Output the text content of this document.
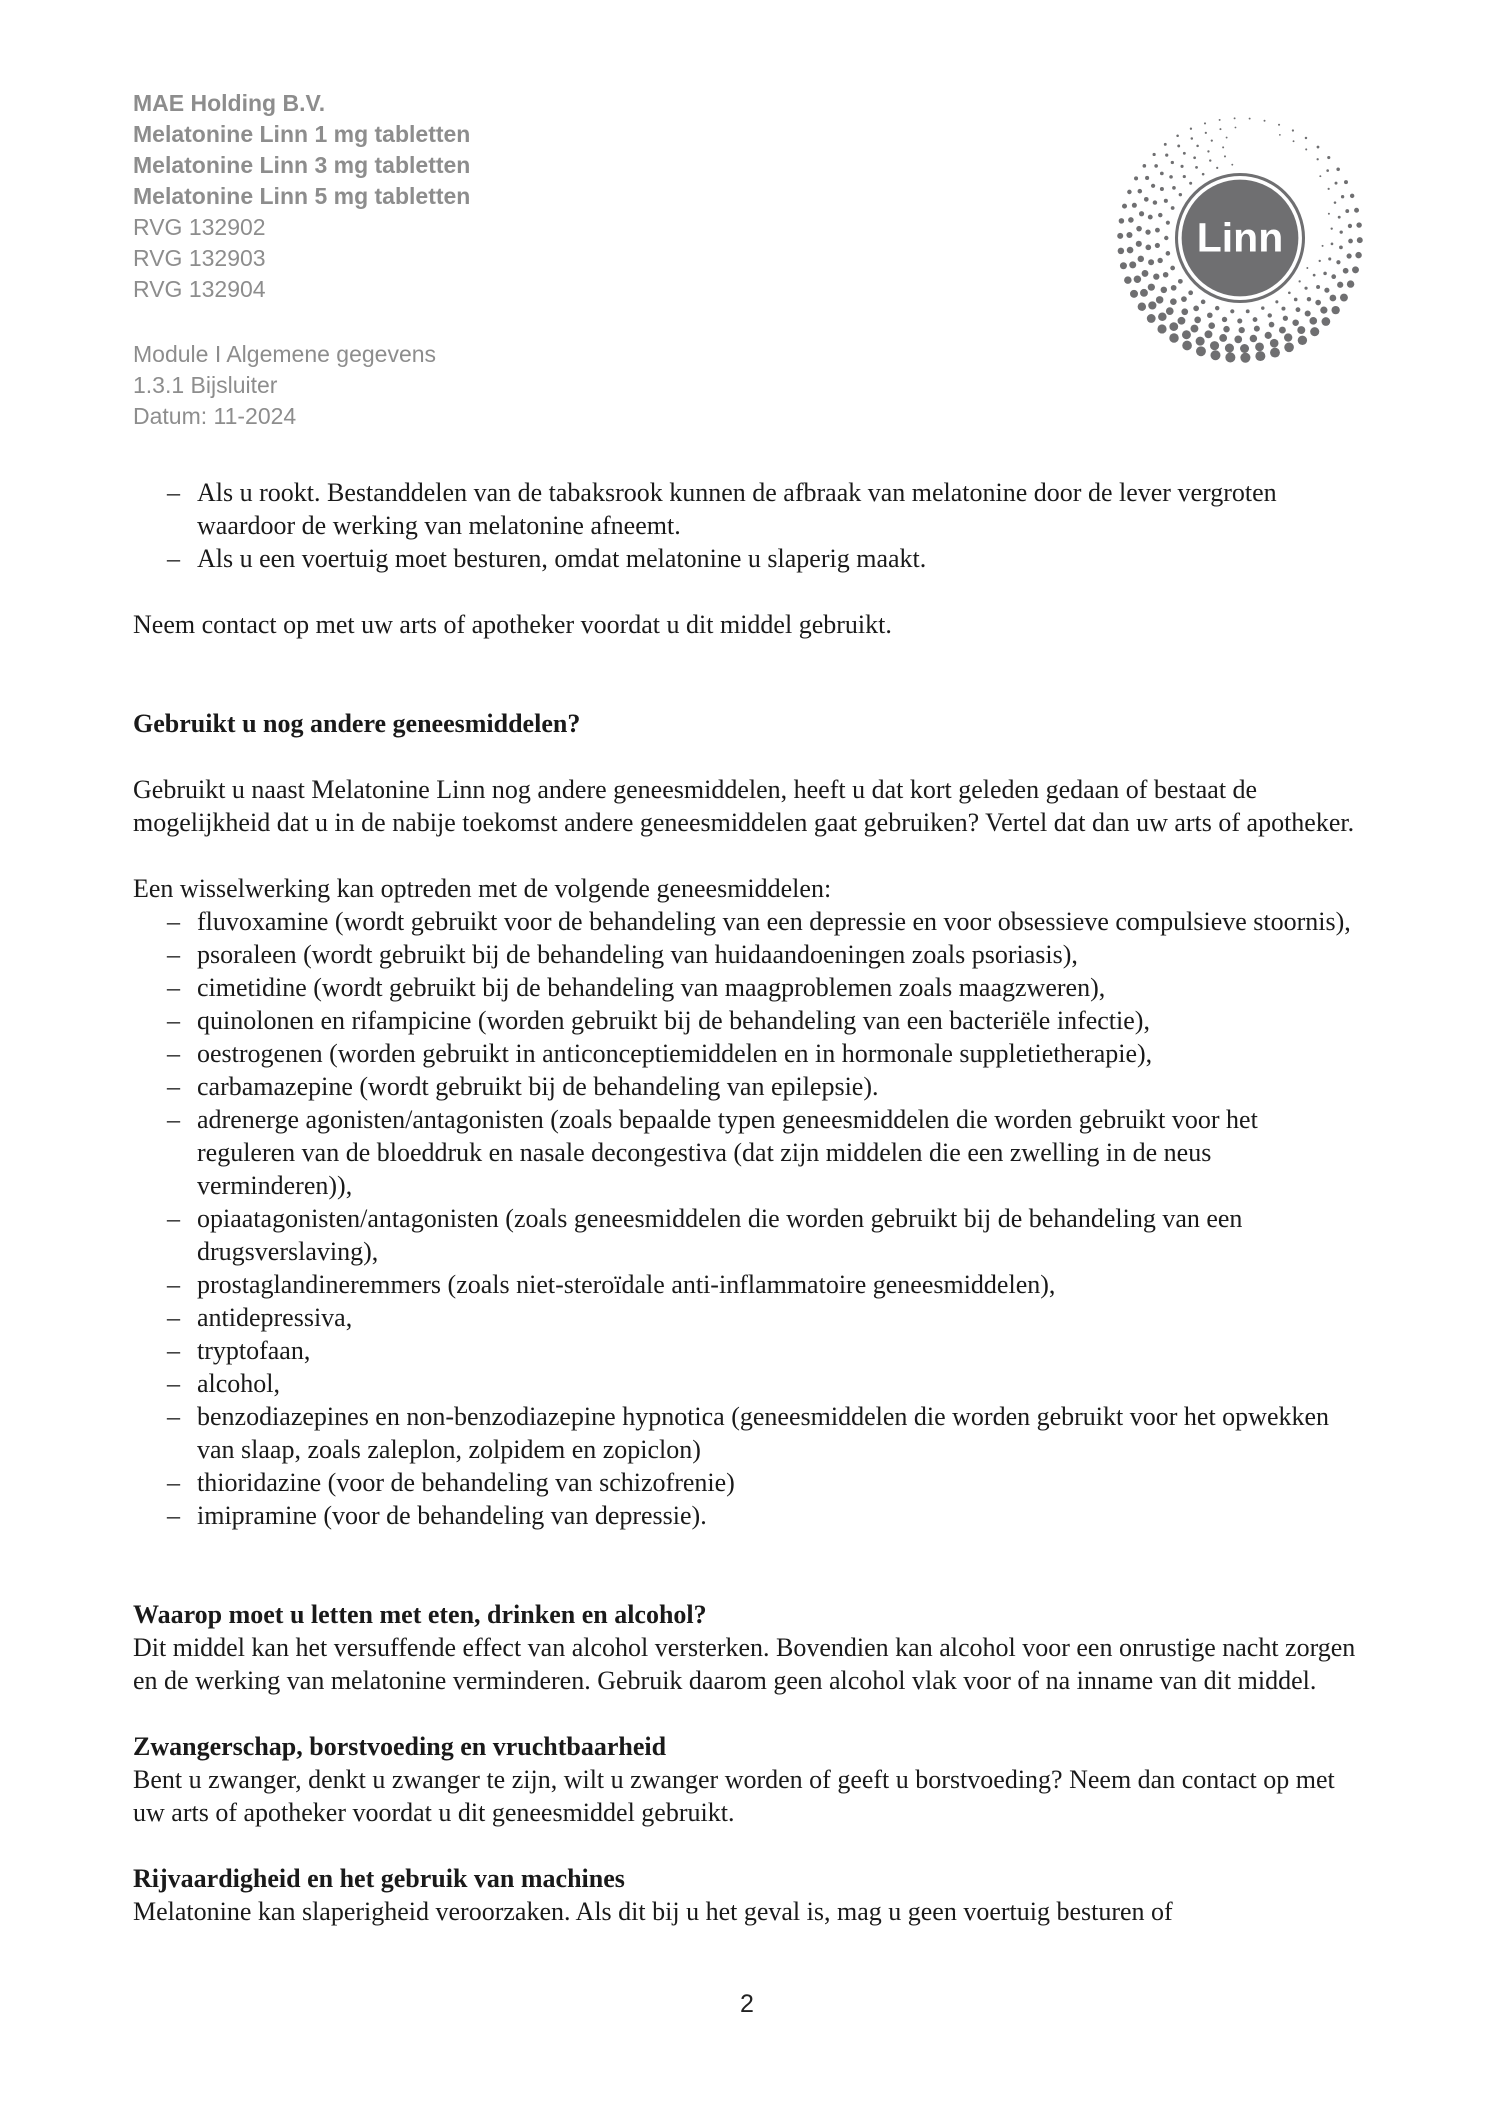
Linn
MAE Holding B.V.
Melatonine Linn 1 mg tabletten
Melatonine Linn 3 mg tabletten
Melatonine Linn 5 mg tabletten
RVG 132902
RVG 132903
RVG 132904
Module I Algemene gegevens
1.3.1 Bijsluiter
Datum: 11-2024
– Als u rookt. Bestanddelen van de tabaksrook kunnen de afbraak van melatonine door de lever vergroten waardoor de werking van melatonine afneemt.
– Als u een voertuig moet besturen, omdat melatonine u slaperig maakt.

Neem contact op met uw arts of apotheker voordat u dit middel gebruikt.

Gebruikt u nog andere geneesmiddelen?

Gebruikt u naast Melatonine Linn nog andere geneesmiddelen, heeft u dat kort geleden gedaan of bestaat de mogelijkheid dat u in de nabije toekomst andere geneesmiddelen gaat gebruiken? Vertel dat dan uw arts of apotheker.

Een wisselwerking kan optreden met de volgende geneesmiddelen:

– fluvoxamine (wordt gebruikt voor de behandeling van een depressie en voor obsessieve compulsieve stoornis),
– psoraleen (wordt gebruikt bij de behandeling van huidaandoeningen zoals psoriasis),
– cimetidine (wordt gebruikt bij de behandeling van maagproblemen zoals maagzweren),
– quinolonen en rifampicine (worden gebruikt bij de behandeling van een bacteriële infectie),
– oestrogenen (worden gebruikt in anticonceptiemiddelen en in hormonale suppletietherapie),
– carbamazepine (wordt gebruikt bij de behandeling van epilepsie).
– adrenerge agonisten/antagonisten (zoals bepaalde typen geneesmiddelen die worden gebruikt voor het reguleren van de bloeddruk en nasale decongestiva (dat zijn middelen die een zwelling in de neus verminderen)),
– opiaatagonisten/antagonisten (zoals geneesmiddelen die worden gebruikt bij de behandeling van een drugsverslaving),
– prostaglandineremmers (zoals niet-steroïdale anti-inflammatoire geneesmiddelen),
– antidepressiva,
– tryptofaan,
– alcohol,
– benzodiazepines en non-benzodiazepine hypnotica (geneesmiddelen die worden gebruikt voor het opwekken van slaap, zoals zaleplon, zolpidem en zopiclon)
– thioridazine (voor de behandeling van schizofrenie)
– imipramine (voor de behandeling van depressie).
Waarop moet u letten met eten, drinken en alcohol?

Dit middel kan het versuffende effect van alcohol versterken. Bovendien kan alcohol voor een onrustige nacht zorgen en de werking van melatonine verminderen. Gebruik daarom geen alcohol vlak voor of na inname van dit middel.

Zwangerschap, borstvoeding en vruchtbaarheid

Bent u zwanger, denkt u zwanger te zijn, wilt u zwanger worden of geeft u borstvoeding? Neem dan contact op met uw arts of apotheker voordat u dit geneesmiddel gebruikt.

Rijvaardigheid en het gebruik van machines

Melatonine kan slaperigheid veroorzaken. Als dit bij u het geval is, mag u geen voertuig besturen of

2
